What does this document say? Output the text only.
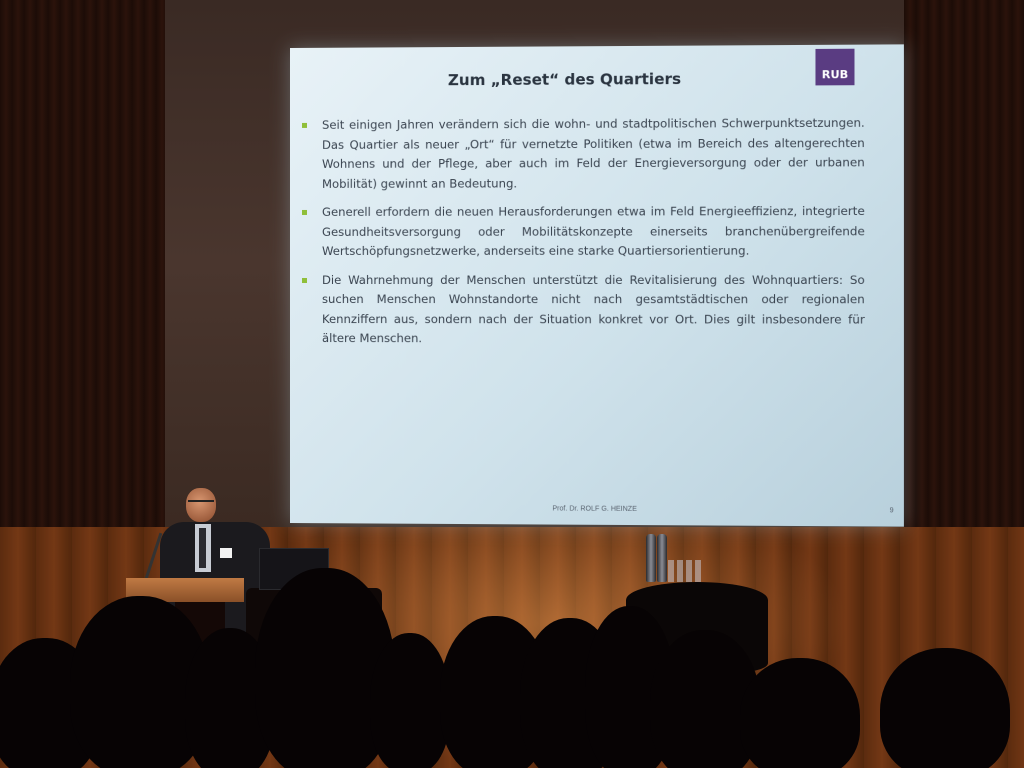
Zum „Reset“ des Quartiers	RUB
Seit einigen Jahren verändern sich die wohn- und stadtpolitischen Schwerpunktsetzungen. Das Quartier als neuer „Ort“ für vernetzte Politiken (etwa im Bereich des altengerechten Wohnens und der Pflege, aber auch im Feld der Energieversorgung oder der urbanen Mobilität) gewinnt an Bedeutung.
Generell erfordern die neuen Herausforderungen etwa im Feld Energieeffizienz, integrierte Gesundheitsversorgung oder Mobilitätskonzepte einerseits branchenübergreifende Wertschöpfungsnetzwerke, anderseits eine starke Quartiersorientierung.
Die Wahrnehmung der Menschen unterstützt die Revitalisierung des Wohnquartiers: So suchen Menschen Wohnstandorte nicht nach gesamtstädtischen oder regionalen Kennziffern aus, sondern nach der Situation konkret vor Ort. Dies gilt insbesondere für ältere Menschen.
Prof. Dr. ROLF G. HEINZE	9
